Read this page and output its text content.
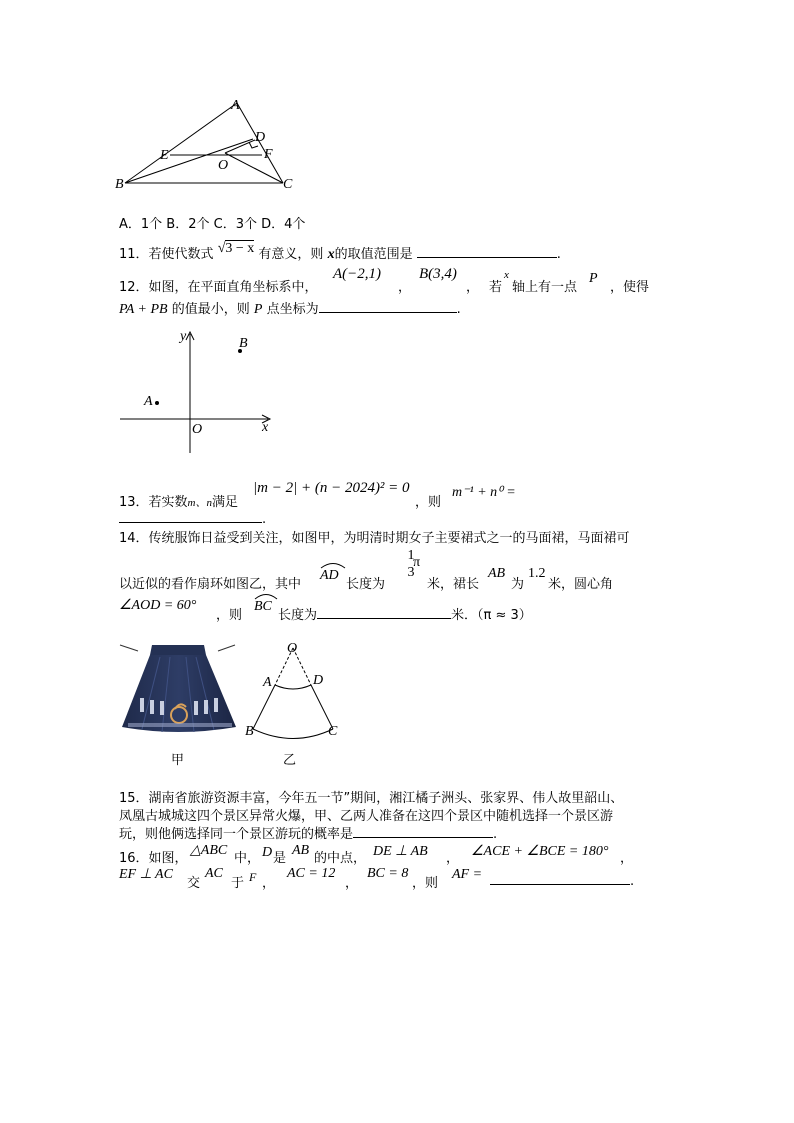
A
D
E	F
O
B	C
A．1个 B．2个 C．3个 D．4个
11．若使代数式 √3 − x 有意义，则 x的取值范围是	.
12．如图，在平面直角坐标系中，
A(−2,1)
，
B(3,4)
， 若
x
轴上有一点
P
，使得
PA + PB 的值最小，则 P 点坐标为	.
y
x
O
A
B
13．若实数m、n满足
|m − 2| + (n − 2024)² = 0
，则
m⁻¹ + n⁰ =
.
14．传统服饰日益受到关注，如图甲，为明清时期女子主要裙式之一的马面裙，马面裙可
以近似的看作扇环如图乙，其中
AD
长度为
1
3
π
米，裙长
AB
为
1.2
米，圆心角
∠AOD = 60°
，则
BC
长度为	米．（π ≈ 3）
甲
O
A	D
B	C
乙
15．湖南省旅游资源丰富，今年五一节”期间，湘江橘子洲头、张家界、伟人故里韶山、
凤凰古城城这四个景区异常火爆，甲、乙两人准备在这四个景区中随机选择一个景区游
玩，则他俩选择同一个景区游玩的概率是	.
16．如图，
△ABC
中， D 是
AB
的中点， DE ⊥ AB ， ∠ACE + ∠BCE = 180° ，
EF ⊥ AC
交
AC
于 F ，
AC = 12
，
BC = 8
，则
AF =	.
